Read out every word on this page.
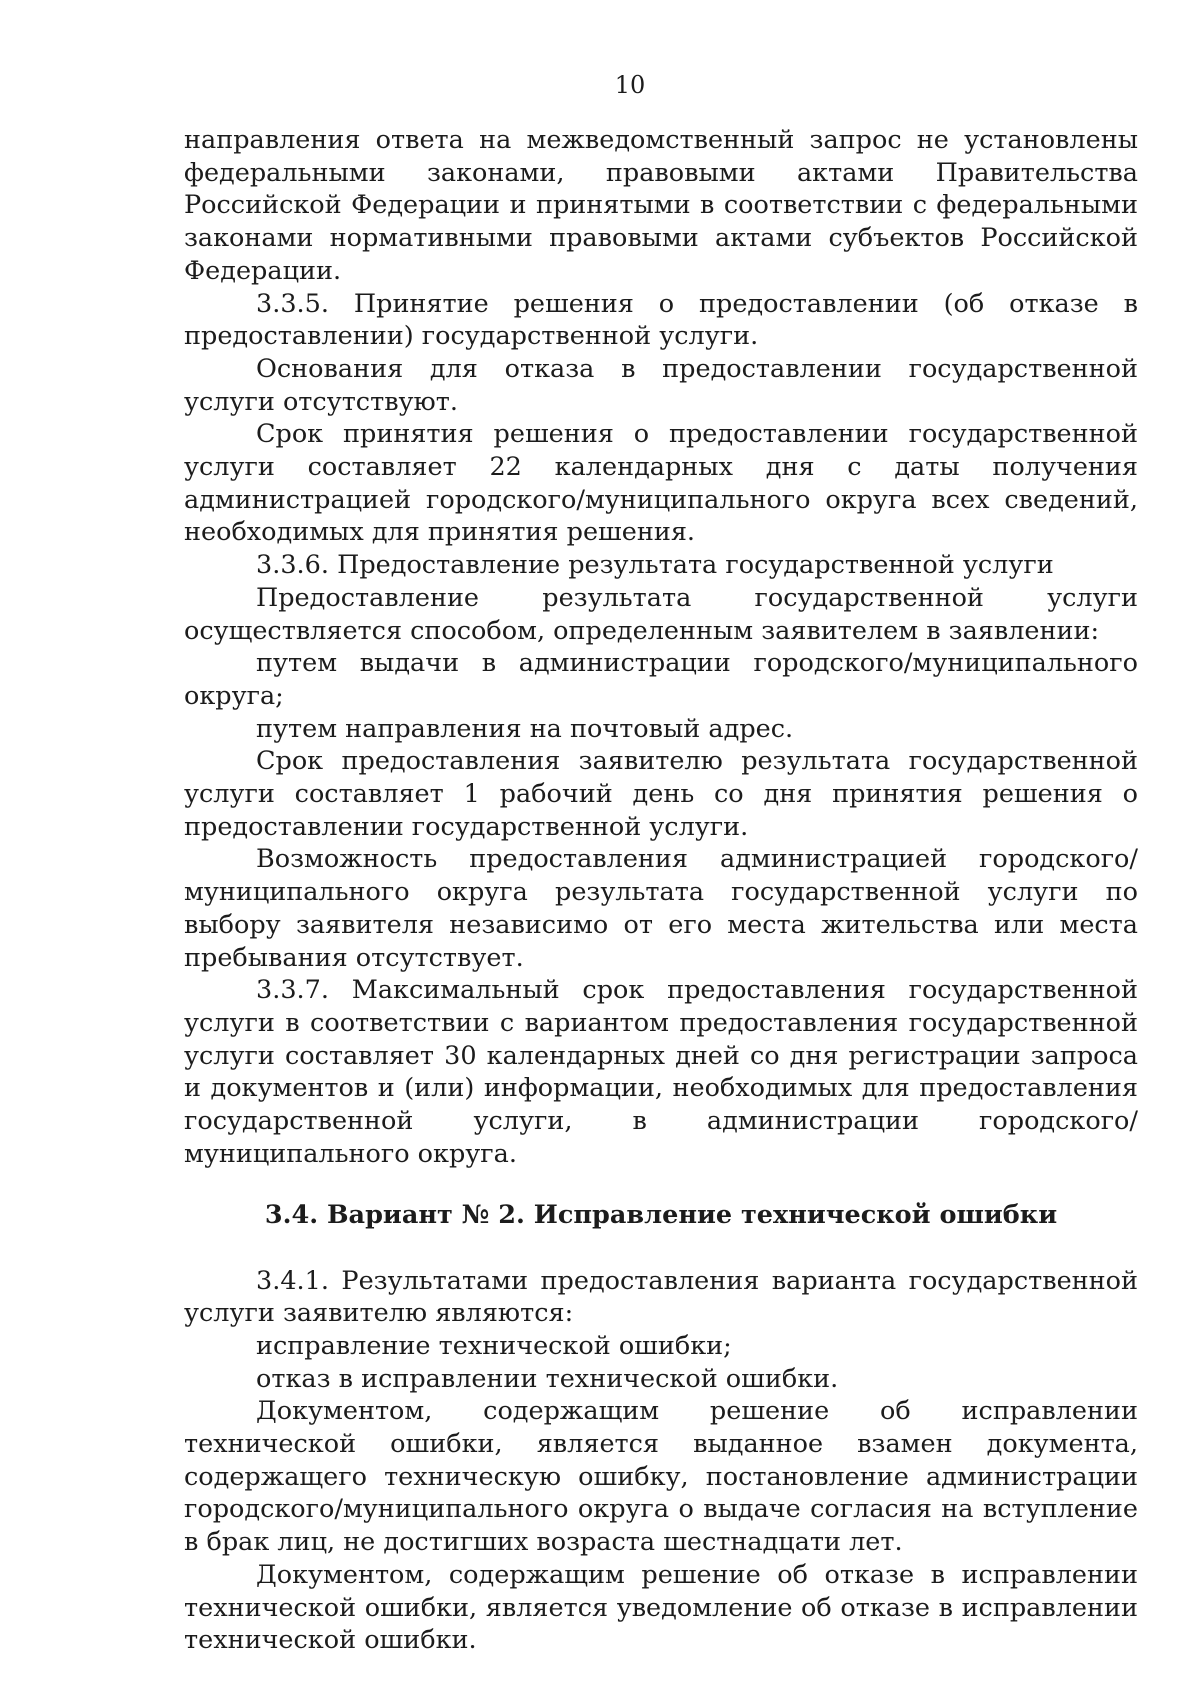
10

направления ответа на межведомственный запрос не установлены федеральными законами, правовыми актами Правительства Российской Федерации и принятыми в соответствии с федеральными законами нормативными правовыми актами субъектов Российской Федерации.

3.3.5. Принятие решения о предоставлении (об отказе в предоставлении) государственной услуги.

Основания для отказа в предоставлении государственной услуги отсутствуют.

Срок принятия решения о предоставлении государственной услуги составляет 22 календарных дня с даты получения администрацией городского/муниципального округа всех сведений, необходимых для принятия решения.

3.3.6. Предоставление результата государственной услуги

Предоставление результата государственной услуги осуществляется способом, определенным заявителем в заявлении:

путем выдачи в администрации городского/муниципального округа;

путем направления на почтовый адрес.

Срок предоставления заявителю результата государственной услуги составляет 1 рабочий день со дня принятия решения о предоставлении государственной услуги.

Возможность предоставления администрацией городского/муниципального округа результата государственной услуги по выбору заявителя независимо от его места жительства или места пребывания отсутствует.

3.3.7. Максимальный срок предоставления государственной услуги в соответствии с вариантом предоставления государственной услуги составляет 30 календарных дней со дня регистрации запроса и документов и (или) информации, необходимых для предоставления государственной услуги, в администрации городского/муниципального округа.

3.4. Вариант № 2. Исправление технической ошибки

3.4.1. Результатами предоставления варианта государственной услуги заявителю являются:

исправление технической ошибки;

отказ в исправлении технической ошибки.

Документом, содержащим решение об исправлении технической ошибки, является выданное взамен документа, содержащего техническую ошибку, постановление администрации городского/муниципального округа о выдаче согласия на вступление в брак лиц, не достигших возраста шестнадцати лет.

Документом, содержащим решение об отказе в исправлении технической ошибки, является уведомление об отказе в исправлении технической ошибки.
